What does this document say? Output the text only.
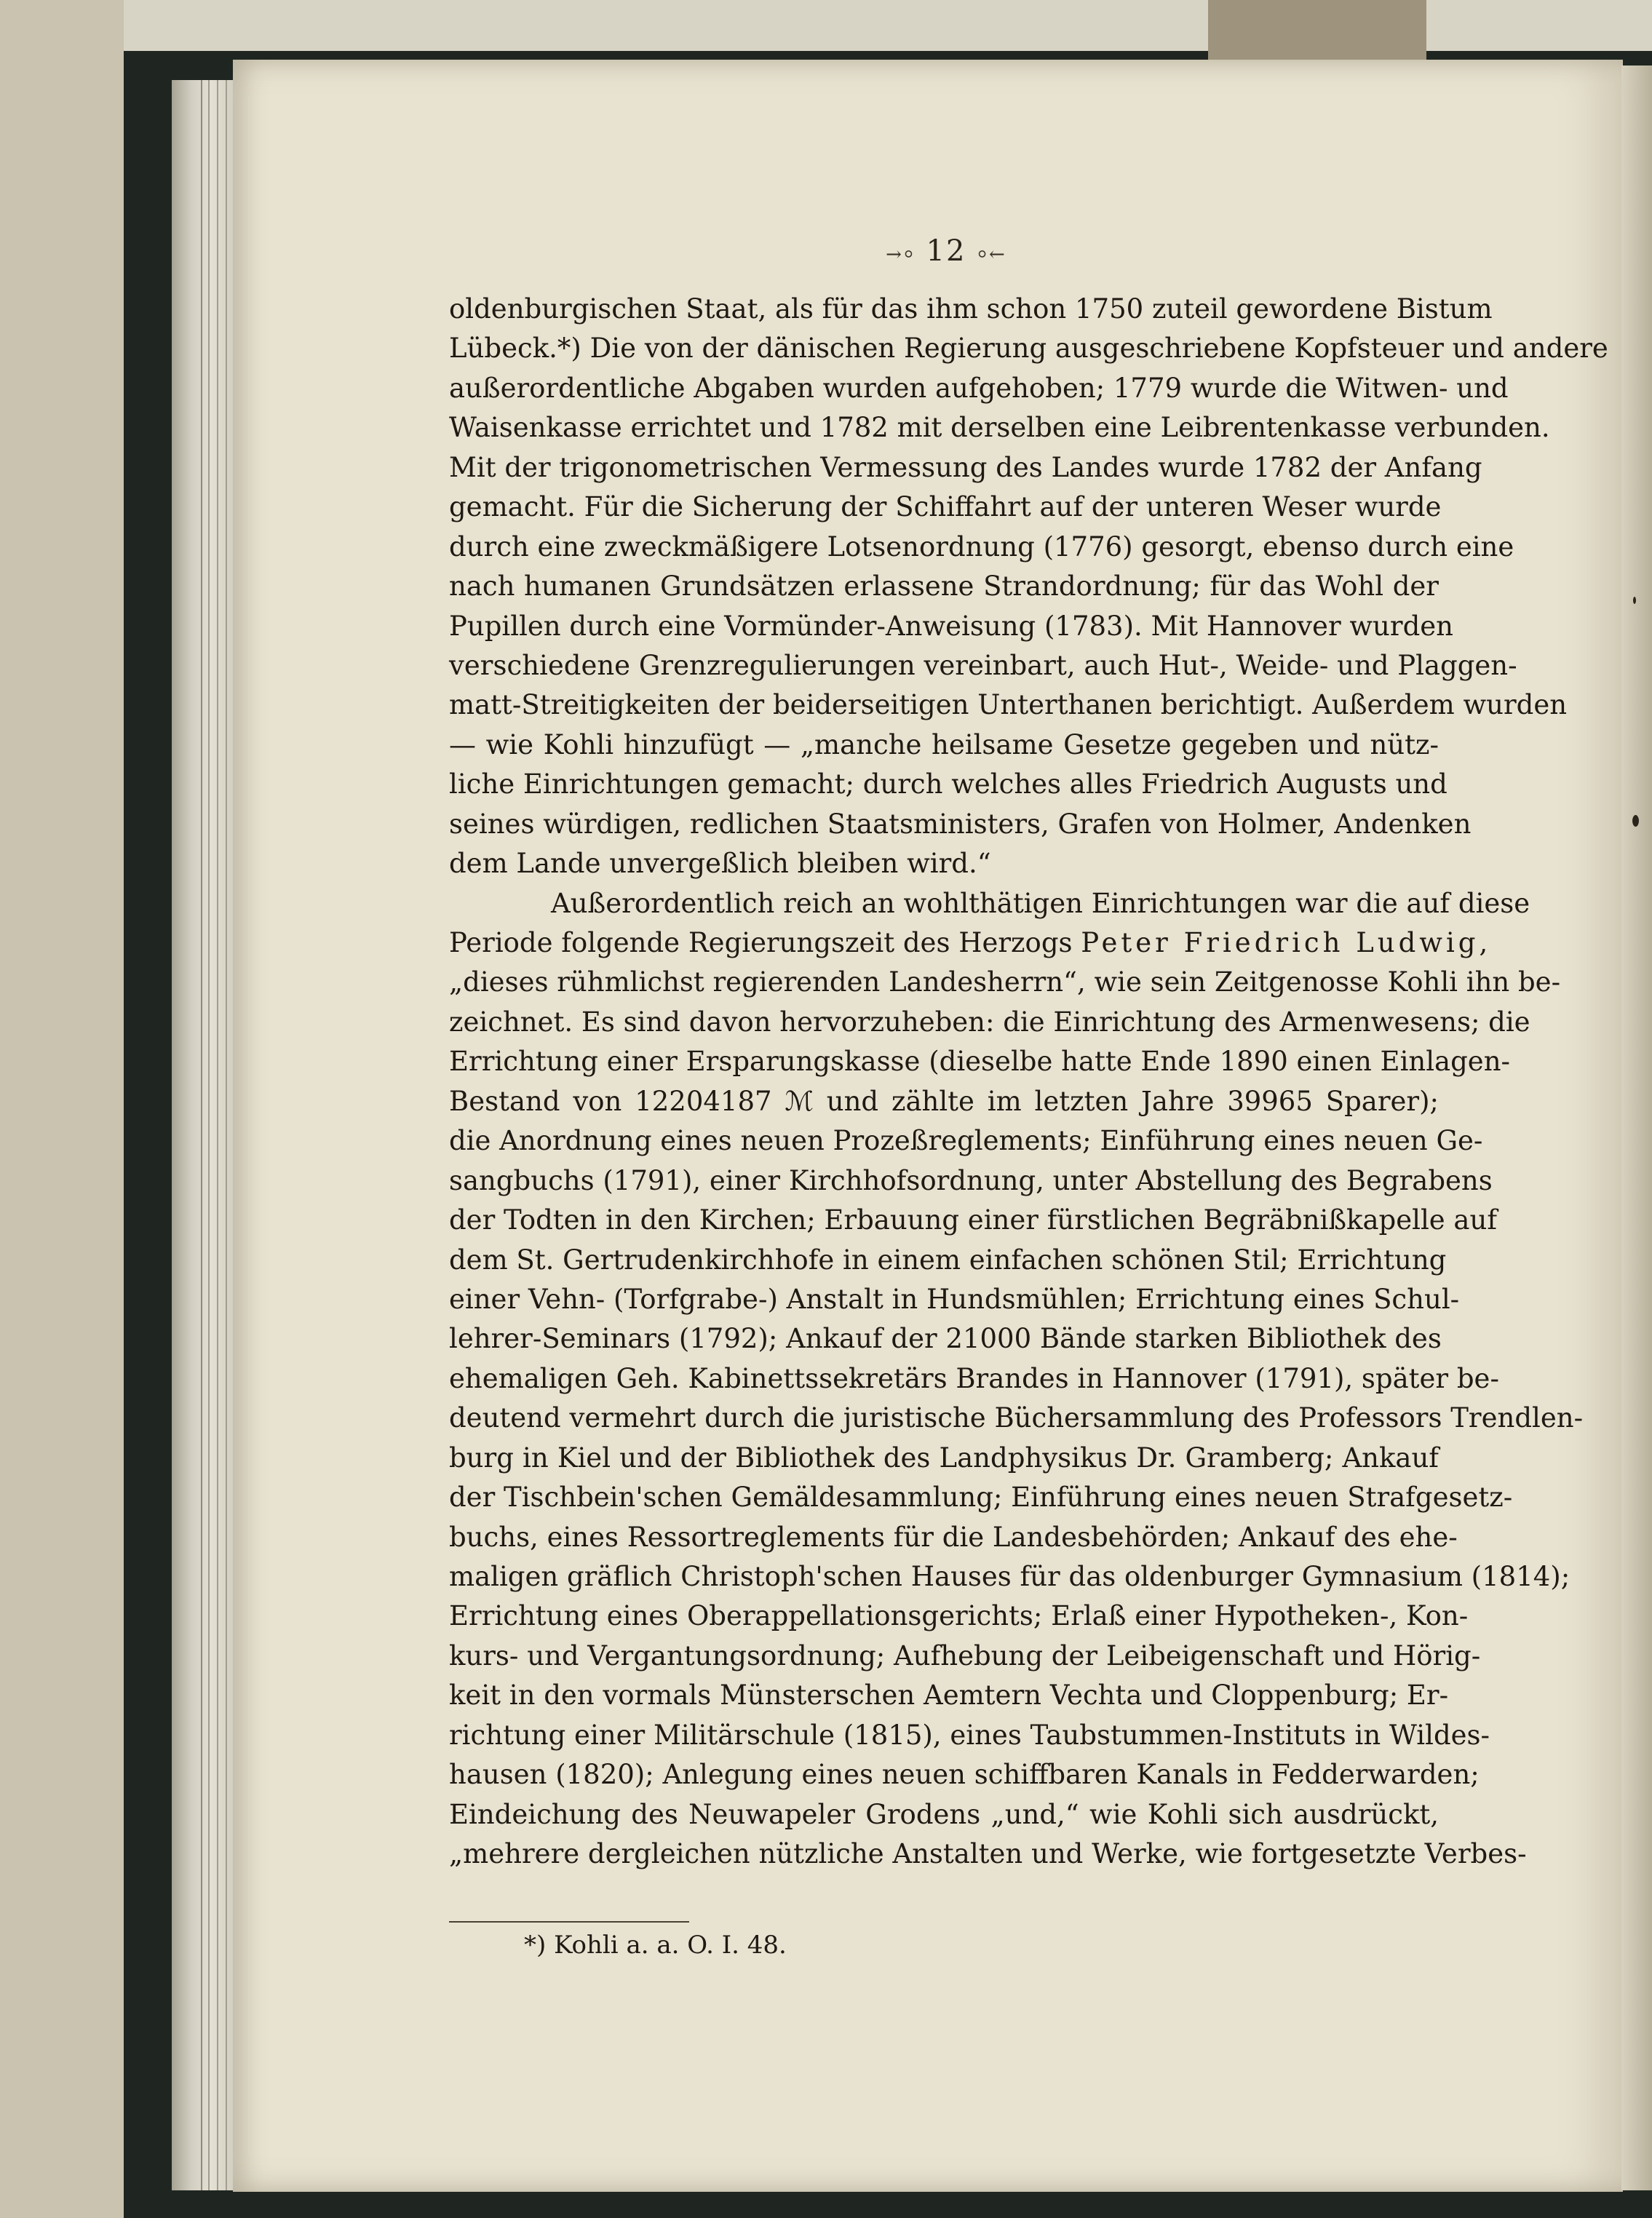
→⸰ 12 ⸰←
oldenburgischen Staat, als für das ihm schon 1750 zuteil gewordene Bistum
Lübeck.*) Die von der dänischen Regierung ausgeschriebene Kopfsteuer und andere
außerordentliche Abgaben wurden aufgehoben; 1779 wurde die Witwen- und
Waisenkasse errichtet und 1782 mit derselben eine Leibrentenkasse verbunden.
Mit der trigonometrischen Vermessung des Landes wurde 1782 der Anfang
gemacht. Für die Sicherung der Schiffahrt auf der unteren Weser wurde
durch eine zweckmäßigere Lotsenordnung (1776) gesorgt, ebenso durch eine
nach humanen Grundsätzen erlassene Strandordnung; für das Wohl der
Pupillen durch eine Vormünder-Anweisung (1783). Mit Hannover wurden
verschiedene Grenzregulierungen vereinbart, auch Hut-, Weide- und Plaggen-
matt-Streitigkeiten der beiderseitigen Unterthanen berichtigt. Außerdem wurden
— wie Kohli hinzufügt — „manche heilsame Gesetze gegeben und nütz-
liche Einrichtungen gemacht; durch welches alles Friedrich Augusts und
seines würdigen, redlichen Staatsministers, Grafen von Holmer, Andenken
dem Lande unvergeßlich bleiben wird.“
Außerordentlich reich an wohlthätigen Einrichtungen war die auf diese
Periode folgende Regierungszeit des Herzogs Peter Friedrich Ludwig,
„dieses rühmlichst regierenden Landesherrn“, wie sein Zeitgenosse Kohli ihn be-
zeichnet. Es sind davon hervorzuheben: die Einrichtung des Armenwesens; die
Errichtung einer Ersparungskasse (dieselbe hatte Ende 1890 einen Einlagen-
Bestand von 12204187 ℳ und zählte im letzten Jahre 39965 Sparer);
die Anordnung eines neuen Prozeßreglements; Einführung eines neuen Ge-
sangbuchs (1791), einer Kirchhofsordnung, unter Abstellung des Begrabens
der Todten in den Kirchen; Erbauung einer fürstlichen Begräbnißkapelle auf
dem St. Gertrudenkirchhofe in einem einfachen schönen Stil; Errichtung
einer Vehn- (Torfgrabe-) Anstalt in Hundsmühlen; Errichtung eines Schul-
lehrer-Seminars (1792); Ankauf der 21000 Bände starken Bibliothek des
ehemaligen Geh. Kabinettssekretärs Brandes in Hannover (1791), später be-
deutend vermehrt durch die juristische Büchersammlung des Professors Trendlen-
burg in Kiel und der Bibliothek des Landphysikus Dr. Gramberg; Ankauf
der Tischbein'schen Gemäldesammlung; Einführung eines neuen Strafgesetz-
buchs, eines Ressortreglements für die Landesbehörden; Ankauf des ehe-
maligen gräflich Christoph'schen Hauses für das oldenburger Gymnasium (1814);
Errichtung eines Oberappellationsgerichts; Erlaß einer Hypotheken-, Kon-
kurs- und Vergantungsordnung; Aufhebung der Leibeigenschaft und Hörig-
keit in den vormals Münsterschen Aemtern Vechta und Cloppenburg; Er-
richtung einer Militärschule (1815), eines Taubstummen-Instituts in Wildes-
hausen (1820); Anlegung eines neuen schiffbaren Kanals in Fedderwarden;
Eindeichung des Neuwapeler Grodens „und,“ wie Kohli sich ausdrückt,
„mehrere dergleichen nützliche Anstalten und Werke, wie fortgesetzte Verbes-
*) Kohli a. a. O. I. 48.
